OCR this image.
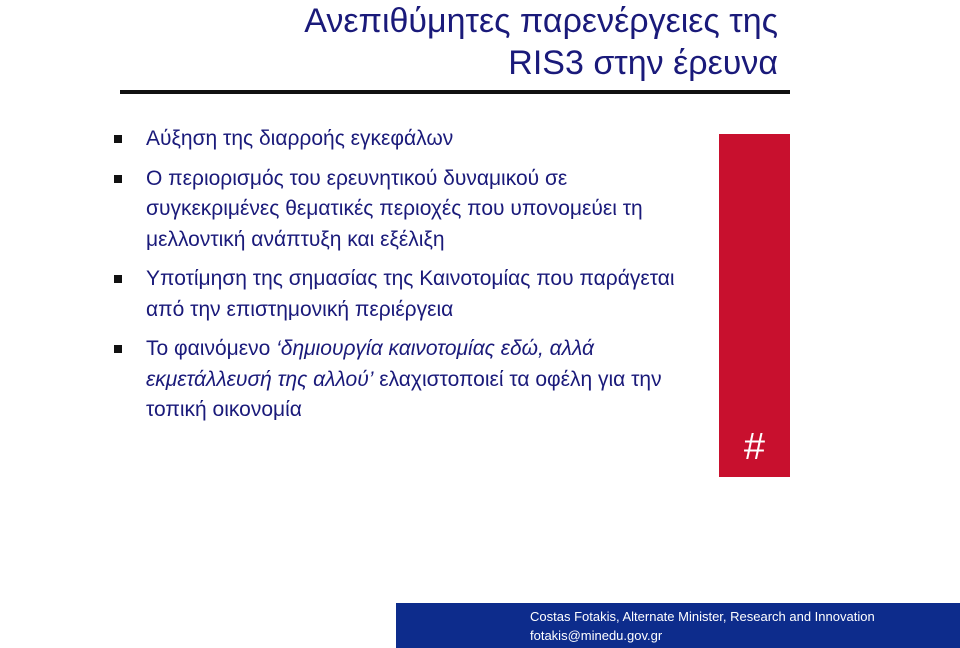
Ανεπιθύμητες παρενέργειες της
RIS3 στην έρευνα
Αύξηση της διαρροής εγκεφάλων
Ο περιορισμός του ερευνητικού δυναμικού σε συγκεκριμένες θεματικές περιοχές που υπονομεύει τη μελλοντική ανάπτυξη και εξέλιξη
Υποτίμηση της σημασίας της Καινοτομίας που παράγεται από την επιστημονική περιέργεια
Το φαινόμενο ‘δημιουργία καινοτομίας εδώ, αλλά εκμετάλλευσή της αλλού’ ελαχιστοποιεί τα οφέλη για την τοπική οικονομία
#
Costas Fotakis, Alternate Minister, Research and Innovation
fotakis@minedu.gov.gr
